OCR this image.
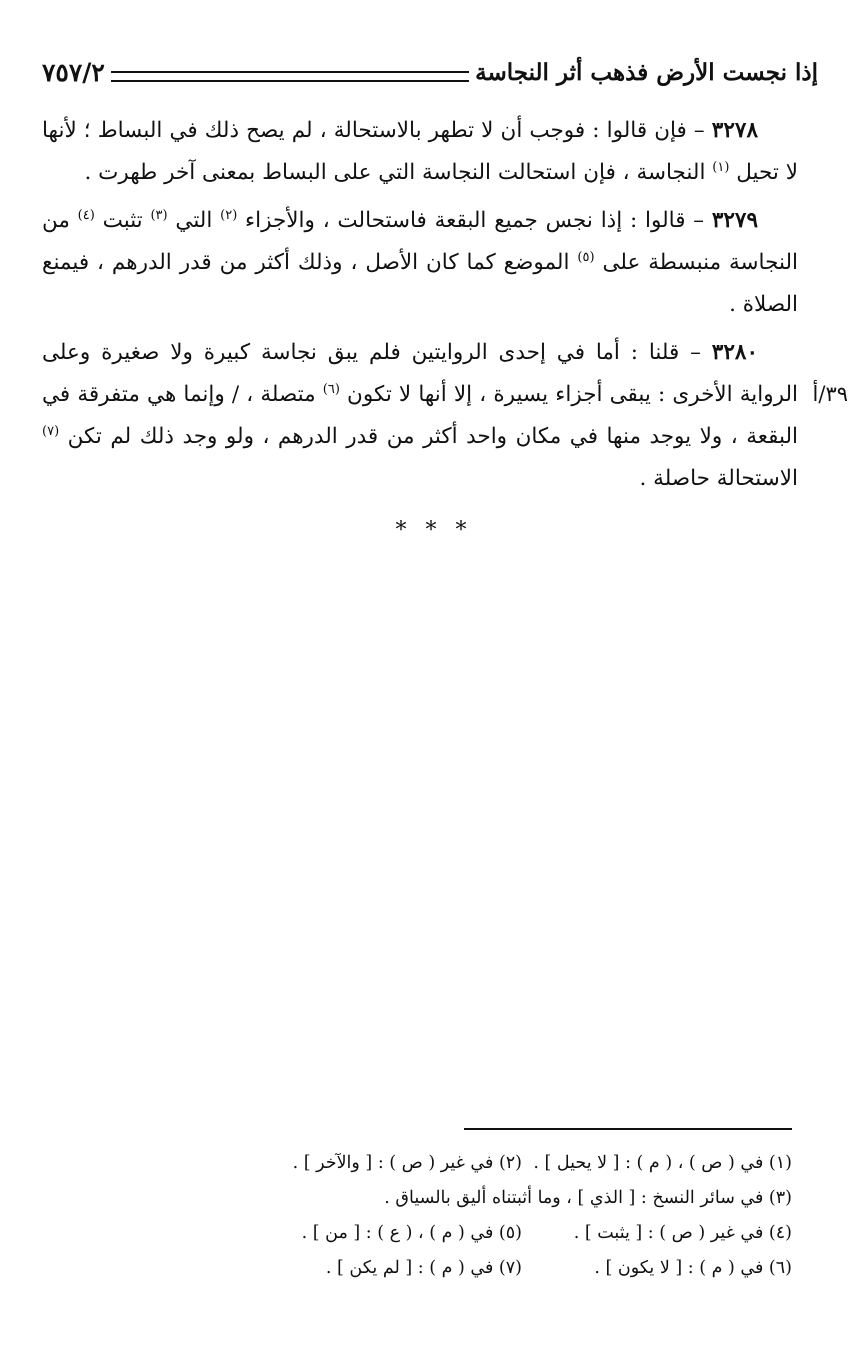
إذا نجست الأرض فذهب أثر النجاسة
٧٥٧/٢
٣٩/أ
٣٢٧٨ – فإن قالوا : فوجب أن لا تطهر بالاستحالة ، لم يصح ذلك في البساط ؛ لأنها لا تحيل $^{(١)}$ النجاسة ، فإن استحالت النجاسة التي على البساط بمعنى آخر طهرت .
٣٢٧٩ – قالوا : إذا نجس جميع البقعة فاستحالت ، والأجزاء $^{(٢)}$ التي $^{(٣)}$ تثبت $^{(٤)}$ من النجاسة منبسطة على $^{(٥)}$ الموضع كما كان الأصل ، وذلك أكثر من قدر الدرهم ، فيمنع الصلاة .
٣٢٨٠ – قلنا : أما في إحدى الروايتين فلم يبق نجاسة كبيرة ولا صغيرة وعلى الرواية الأخرى : يبقى أجزاء يسيرة ، إلا أنها لا تكون $^{(٦)}$ متصلة ، / وإنما هي متفرقة في البقعة ، ولا يوجد منها في مكان واحد أكثر من قدر الدرهم ، ولو وجد ذلك لم تكن $^{(٧)}$ الاستحالة حاصلة .
* * *
(١) في ( ص ) ، ( م ) : [ لا يحيل ] .
(٢) في غير ( ص ) : [ والآخر ] .
(٣) في سائر النسخ : [ الذي ] ، وما أثبتناه أليق بالسياق .
(٤) في غير ( ص ) : [ يثبت ] .
(٥) في ( م ) ، ( ع ) : [ من ] .
(٦) في ( م ) : [ لا يكون ] .
(٧) في ( م ) : [ لم يكن ] .
